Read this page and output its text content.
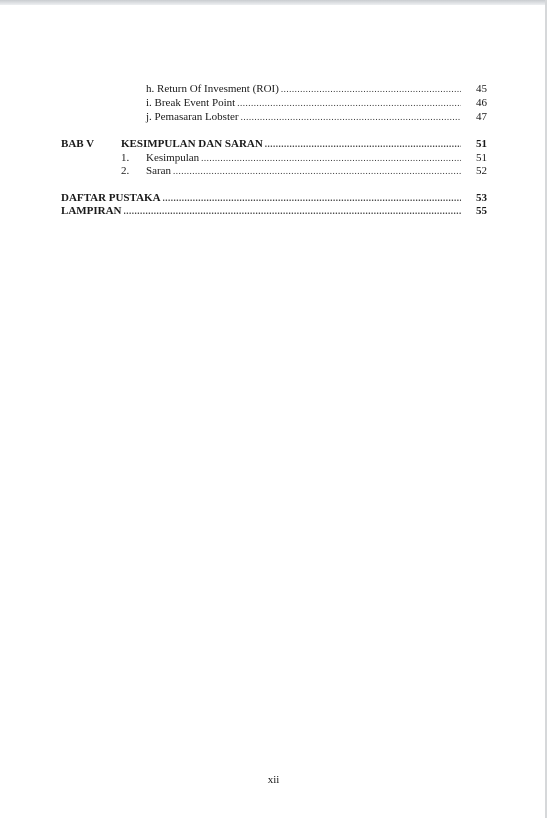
h. Return Of Invesment (ROI) .....	45
i. Break Event Point .....	46
j. Pemasaran Lobster .....	47
BAB V KESIMPULAN DAN SARAN .....	51
1. Kesimpulan .....	51
2. Saran .....	52
DAFTAR PUSTAKA .....	53
LAMPIRAN .....	55
xii
